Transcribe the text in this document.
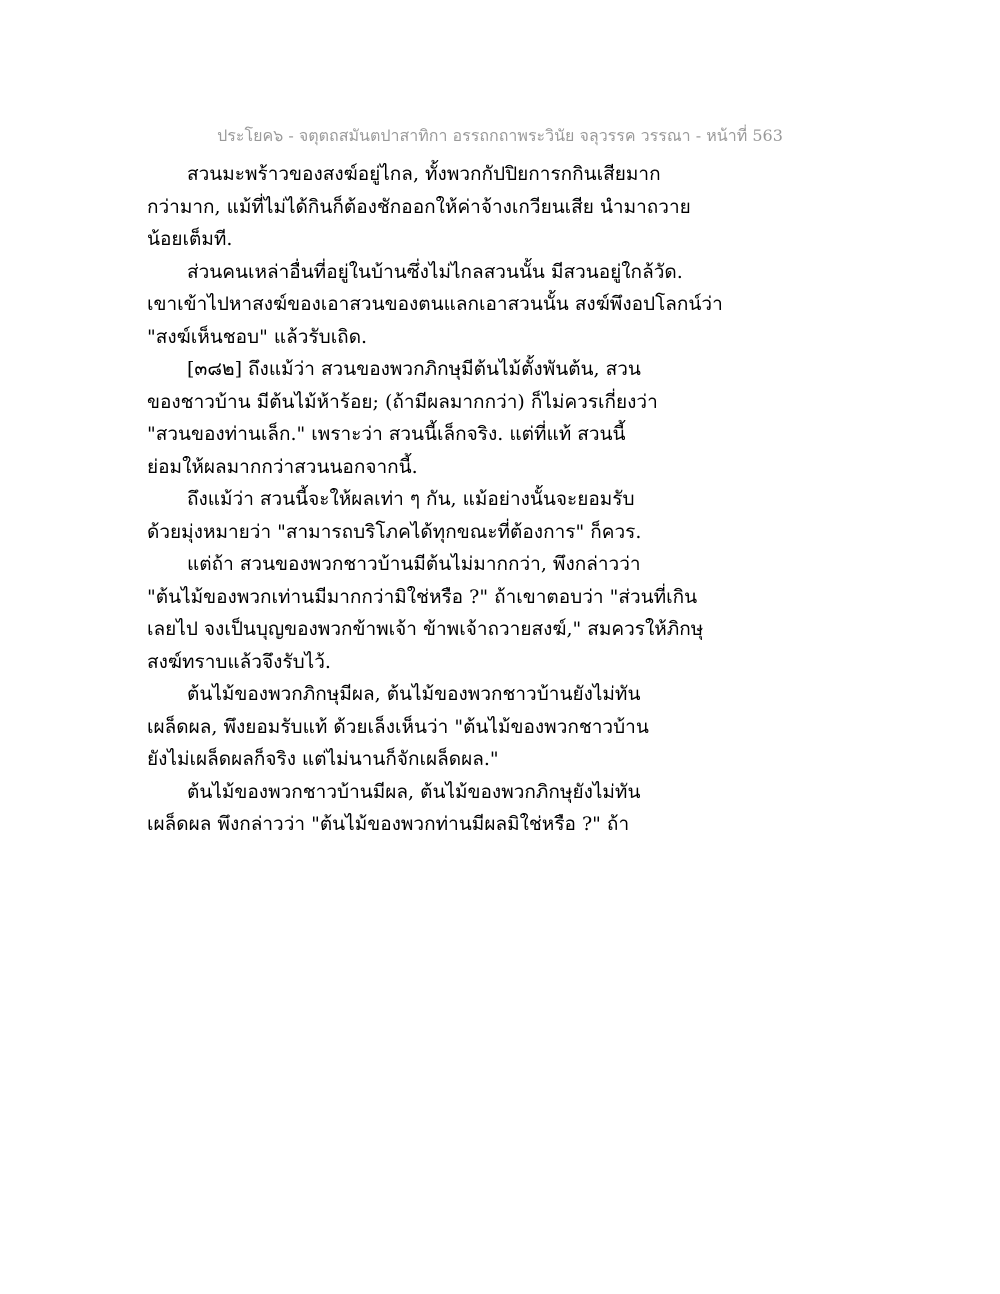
ประโยค๖ - จตุตถสมันตปาสาทิกา อรรถกถาพระวินัย จลุวรรค วรรณา - หน้าที่ 563
สวนมะพร้าวของสงฆ์อยู่ไกล, ทั้งพวกกัปปิยการกกินเสียมาก
กว่ามาก, แม้ที่ไม่ได้กินก็ต้องชักออกให้ค่าจ้างเกวียนเสีย นำมาถวาย
น้อยเต็มที.
ส่วนคนเหล่าอื่นที่อยู่ในบ้านซึ่งไม่ไกลสวนนั้น มีสวนอยู่ใกล้วัด.
เขาเข้าไปหาสงฆ์ของเอาสวนของตนแลกเอาสวนนั้น สงฆ์พึงอปโลกน์ว่า
"สงฆ์เห็นชอบ" แล้วรับเถิด.
[๓๘๒] ถึงแม้ว่า สวนของพวกภิกษุมีต้นไม้ตั้งพันต้น, สวน
ของชาวบ้าน มีต้นไม้ห้าร้อย; (ถ้ามีผลมากกว่า) ก็ไม่ควรเกี่ยงว่า
"สวนของท่านเล็ก." เพราะว่า สวนนี้เล็กจริง. แต่ที่แท้ สวนนี้
ย่อมให้ผลมากกว่าสวนนอกจากนี้.
ถึงแม้ว่า สวนนี้จะให้ผลเท่า ๆ กัน, แม้อย่างนั้นจะยอมรับ
ด้วยมุ่งหมายว่า "สามารถบริโภคได้ทุกขณะที่ต้องการ" ก็ควร.
แต่ถ้า สวนของพวกชาวบ้านมีต้นไม่มากกว่า, พึงกล่าวว่า
"ต้นไม้ของพวกเท่านมีมากกว่ามิใช่หรือ ?" ถ้าเขาตอบว่า "ส่วนที่เกิน
เลยไป จงเป็นบุญของพวกข้าพเจ้า ข้าพเจ้าถวายสงฆ์," สมควรให้ภิกษุ
สงฆ์ทราบแล้วจึงรับไว้.
ต้นไม้ของพวกภิกษุมีผล, ต้นไม้ของพวกชาวบ้านยังไม่ทัน
เผล็ดผล, พึงยอมรับแท้ ด้วยเล็งเห็นว่า "ต้นไม้ของพวกชาวบ้าน
ยังไม่เผล็ดผลก็จริง แต่ไม่นานก็จักเผล็ดผล."
ต้นไม้ของพวกชาวบ้านมีผล, ต้นไม้ของพวกภิกษุยังไม่ทัน
เผล็ดผล พึงกล่าวว่า "ต้นไม้ของพวกท่านมีผลมิใช่หรือ ?" ถ้า
